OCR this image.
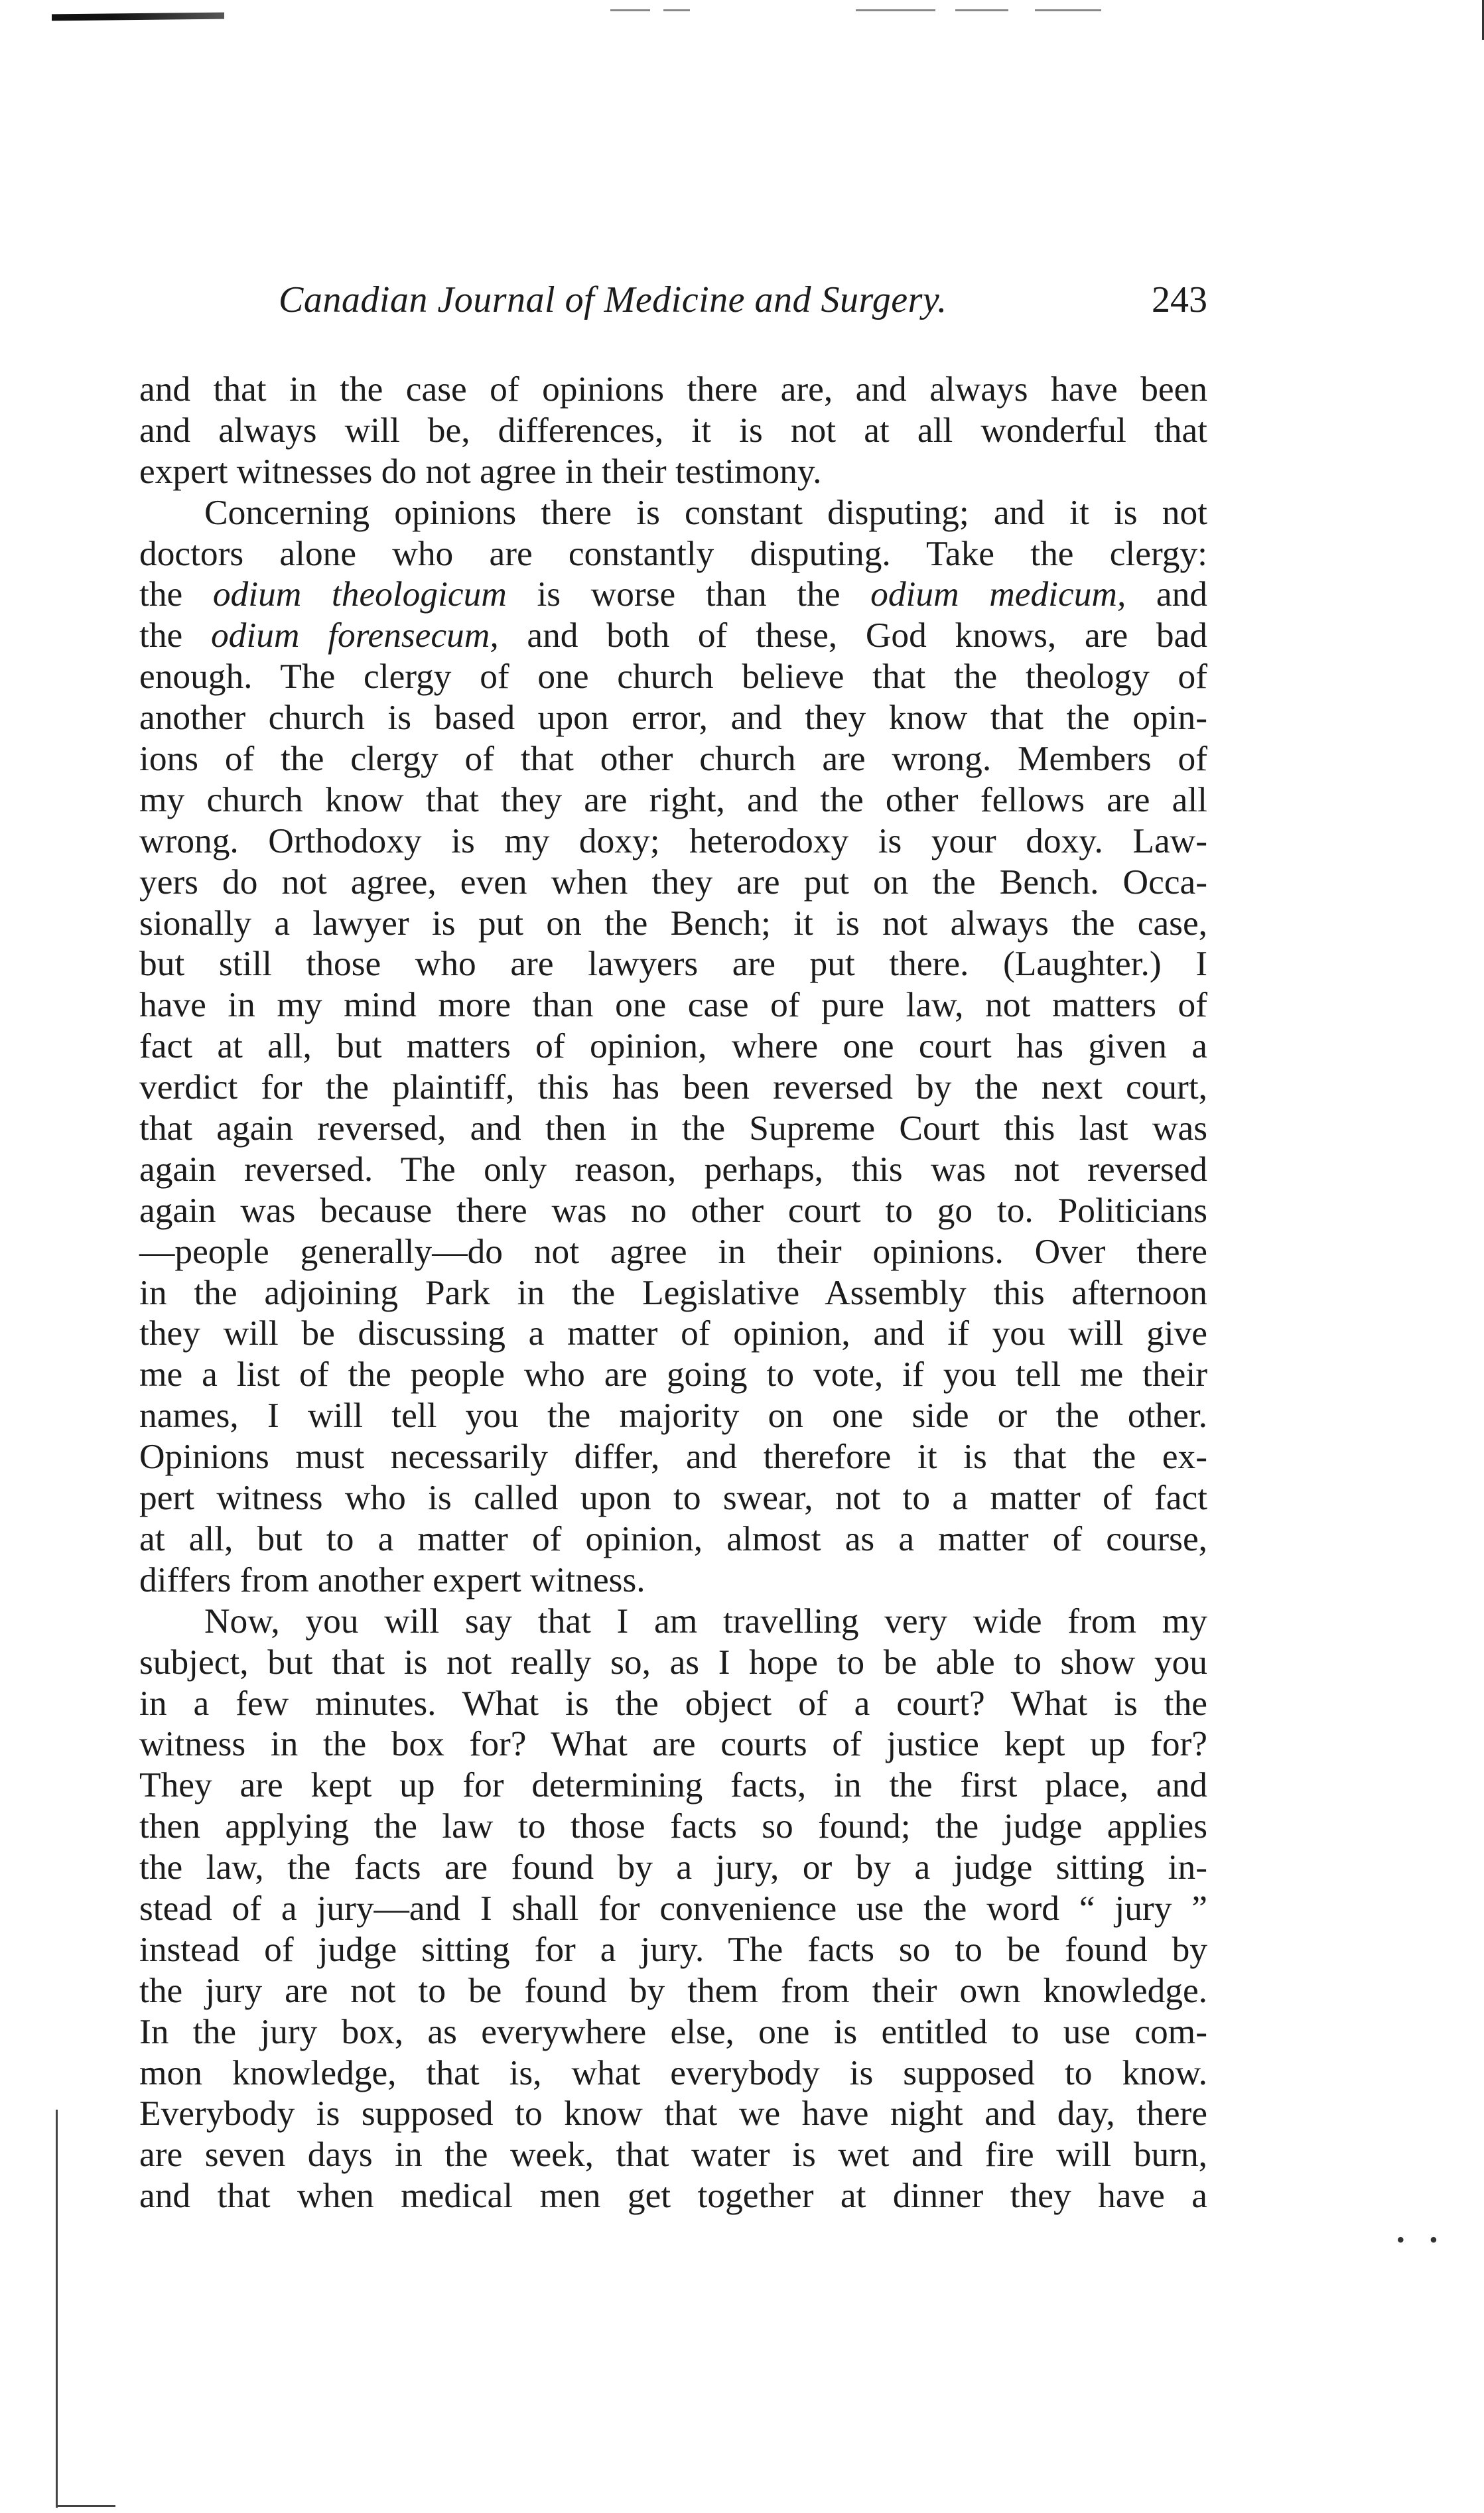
Canadian Journal of Medicine and Surgery.	243
and that in the case of opinions there are, and always have been
and always will be, differences, it is not at all wonderful that
expert witnesses do not agree in their testimony.
Concerning opinions there is constant disputing; and it is not
doctors alone who are constantly disputing. Take the clergy:
the odium theologicum is worse than the odium medicum, and
the odium forensecum, and both of these, God knows, are bad
enough. The clergy of one church believe that the theology of
another church is based upon error, and they know that the opin-
ions of the clergy of that other church are wrong. Members of
my church know that they are right, and the other fellows are all
wrong. Orthodoxy is my doxy; heterodoxy is your doxy. Law-
yers do not agree, even when they are put on the Bench. Occa-
sionally a lawyer is put on the Bench; it is not always the case,
but still those who are lawyers are put there. (Laughter.) I
have in my mind more than one case of pure law, not matters of
fact at all, but matters of opinion, where one court has given a
verdict for the plaintiff, this has been reversed by the next court,
that again reversed, and then in the Supreme Court this last was
again reversed. The only reason, perhaps, this was not reversed
again was because there was no other court to go to. Politicians
—people generally—do not agree in their opinions. Over there
in the adjoining Park in the Legislative Assembly this afternoon
they will be discussing a matter of opinion, and if you will give
me a list of the people who are going to vote, if you tell me their
names, I will tell you the majority on one side or the other.
Opinions must necessarily differ, and therefore it is that the ex-
pert witness who is called upon to swear, not to a matter of fact
at all, but to a matter of opinion, almost as a matter of course,
differs from another expert witness.
Now, you will say that I am travelling very wide from my
subject, but that is not really so, as I hope to be able to show you
in a few minutes. What is the object of a court? What is the
witness in the box for? What are courts of justice kept up for?
They are kept up for determining facts, in the first place, and
then applying the law to those facts so found; the judge applies
the law, the facts are found by a jury, or by a judge sitting in-
stead of a jury—and I shall for convenience use the word “ jury ”
instead of judge sitting for a jury. The facts so to be found by
the jury are not to be found by them from their own knowledge.
In the jury box, as everywhere else, one is entitled to use com-
mon knowledge, that is, what everybody is supposed to know.
Everybody is supposed to know that we have night and day, there
are seven days in the week, that water is wet and fire will burn,
and that when medical men get together at dinner they have a
• •
